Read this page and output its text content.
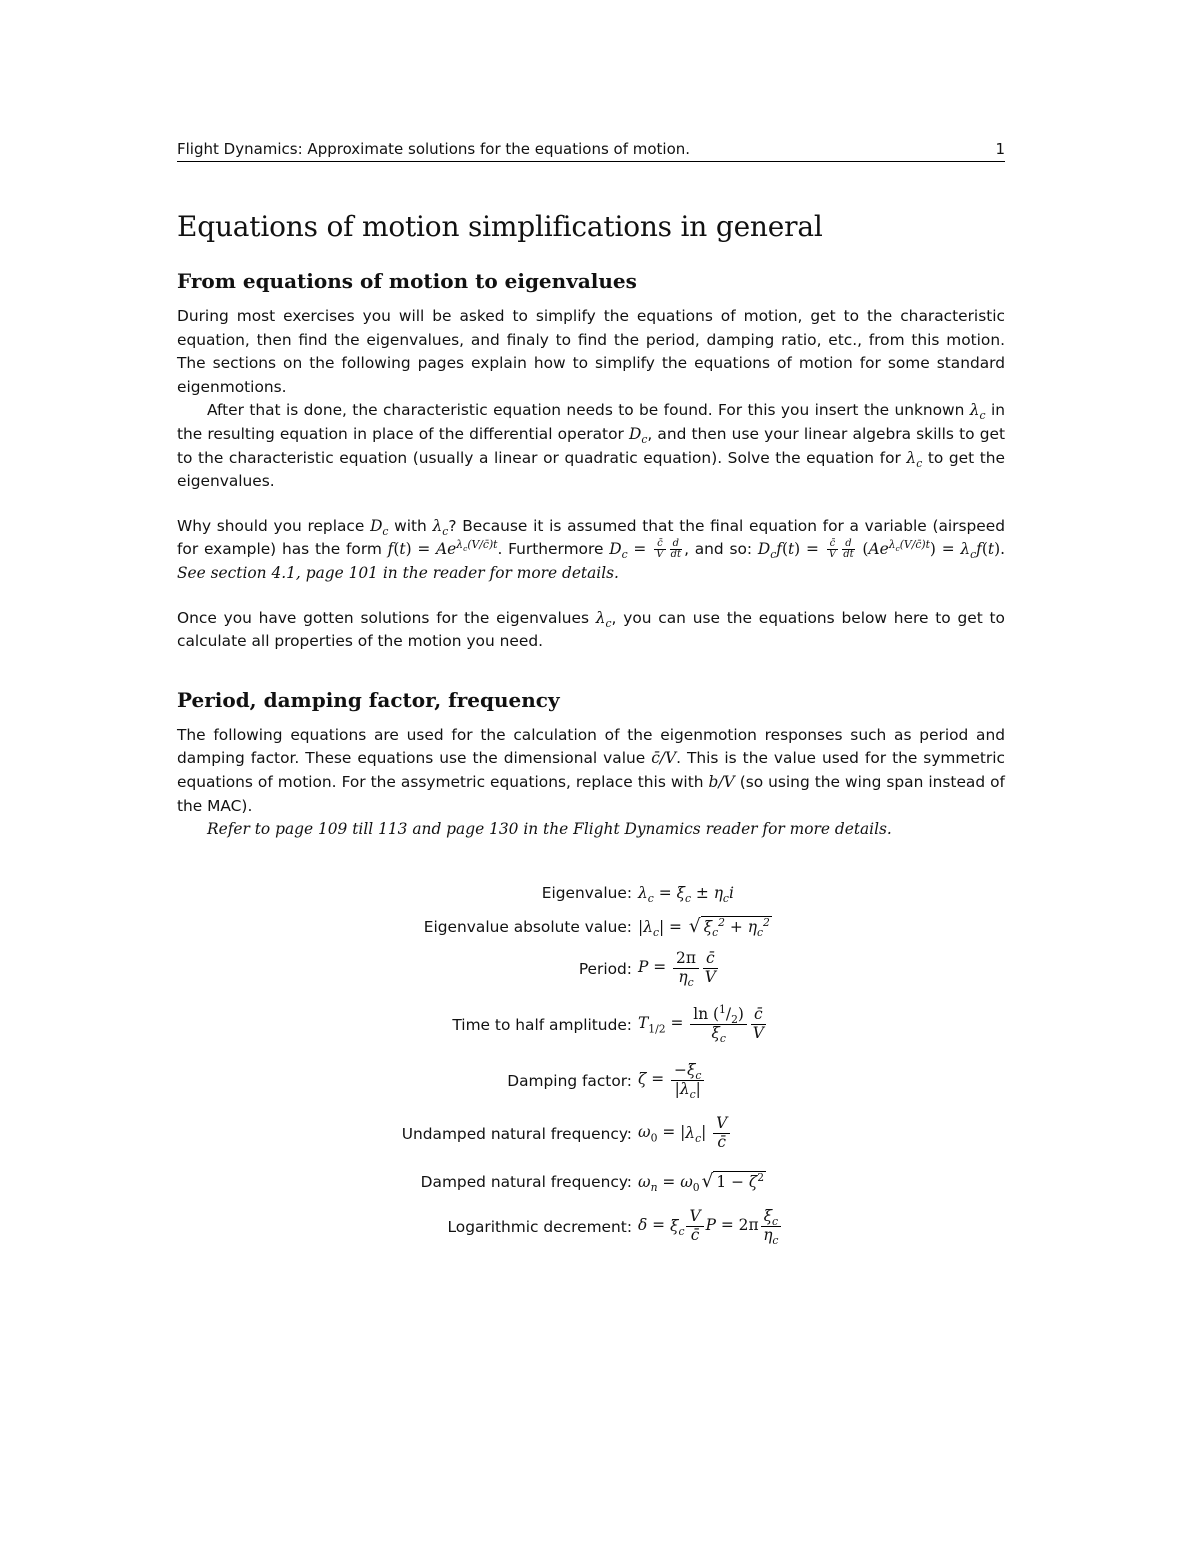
Flight Dynamics: Approximate solutions for the equations of motion.	1
Equations of motion simplifications in general
From equations of motion to eigenvalues

During most exercises you will be asked to simplify the equations of motion, get to the characteristic equation, then find the eigenvalues, and finaly to find the period, damping ratio, etc., from this motion. The sections on the following pages explain how to simplify the equations of motion for some standard eigenmotions.

After that is done, the characteristic equation needs to be found. For this you insert the unknown $\lambda_c$ in the resulting equation in place of the differential operator $D_c$, and then use your linear algebra skills to get to the characteristic equation (usually a linear or quadratic equation). Solve the equation for $\lambda_c$ to get the eigenvalues.

Why should you replace $D_c$ with $\lambda_c$? Because it is assumed that the final equation for a variable (airspeed for example) has the form $f(t) = Ae^{\lambda_c(V/c̄)t}$. Furthermore $D_c = \frac{c̄}{V} \frac{d}{dt}$ , and so: $D_cf(t) = \frac{c̄}{V} \frac{d}{dt} (Ae^{\lambda_c(V/c̄)t}) = \lambda_cf(t)$. See section 4.1, page 101 in the reader for more details.

Once you have gotten solutions for the eigenvalues $\lambda_c$, you can use the equations below here to get to calculate all properties of the motion you need.

Period, damping factor, frequency

The following equations are used for the calculation of the eigenmotion responses such as period and damping factor. These equations use the dimensional value c̄/V. This is the value used for the symmetric equations of motion. For the assymetric equations, replace this with b/V (so using the wing span instead of the MAC).

Refer to page 109 till 113 and page 130 in the Flight Dynamics reader for more details.

Eigenvalue: $\lambda_c = \xi_c \pm \eta_ci$
Eigenvalue absolute value: $|\lambda_c|$ = √ $\xi_c^2 + \eta_c^2$
Period: $P = \frac{2\pi}{\eta_c} \frac{c̄}{V}$
Time to half amplitude: $T_{1/2} = \frac{\ln (^1/_2)}{\xi_c} \frac{c̄}{V}$
Damping factor: $\zeta = \frac{-\xi_c}{|\lambda_c|}$
Undamped natural frequency: $\omega_0 = |\lambda_c| \frac{V}{c̄}$
Damped natural frequency: $\omega_n = \omega_0$ √ $1 - \zeta^2$
Logarithmic decrement: $\delta = \xi_c \frac{V}{c̄}$ $P = 2\pi \frac{\xi_c}{\eta_c}$
